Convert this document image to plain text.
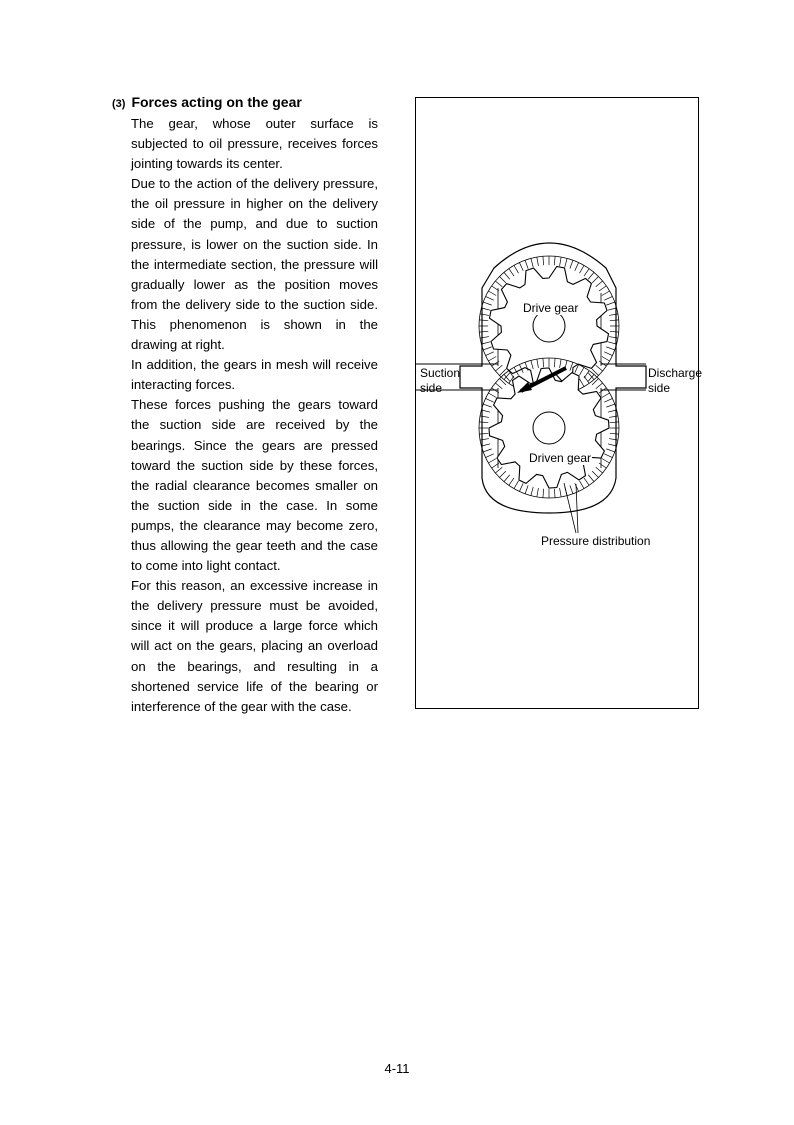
(3) Forces acting on the gear

The gear, whose outer surface is

subjected to oil pressure, receives forces

jointing towards its center.

Due to the action of the delivery pressure,

the oil pressure in higher on the delivery

side of the pump, and due to suction

pressure, is lower on the suction side. In

the intermediate section, the pressure will

gradually lower as the position moves

from the delivery side to the suction side.

This phenomenon is shown in the

drawing at right.

In addition, the gears in mesh will receive

interacting forces.

These forces pushing the gears toward

the suction side are received by the

bearings. Since the gears are pressed

toward the suction side by these forces,

the radial clearance becomes smaller on

the suction side in the case. In some

pumps, the clearance may become zero,

thus allowing the gear teeth and the case

to come into light contact.

For this reason, an excessive increase in

the delivery pressure must be avoided,

since it will produce a large force which

will act on the gears, placing an overload

on the bearings, and resulting in a

shortened service life of the bearing or

interference of the gear with the case.

Drive gear
Driven gear
Suction
side
Discharge
side
Pressure distribution
4-11
